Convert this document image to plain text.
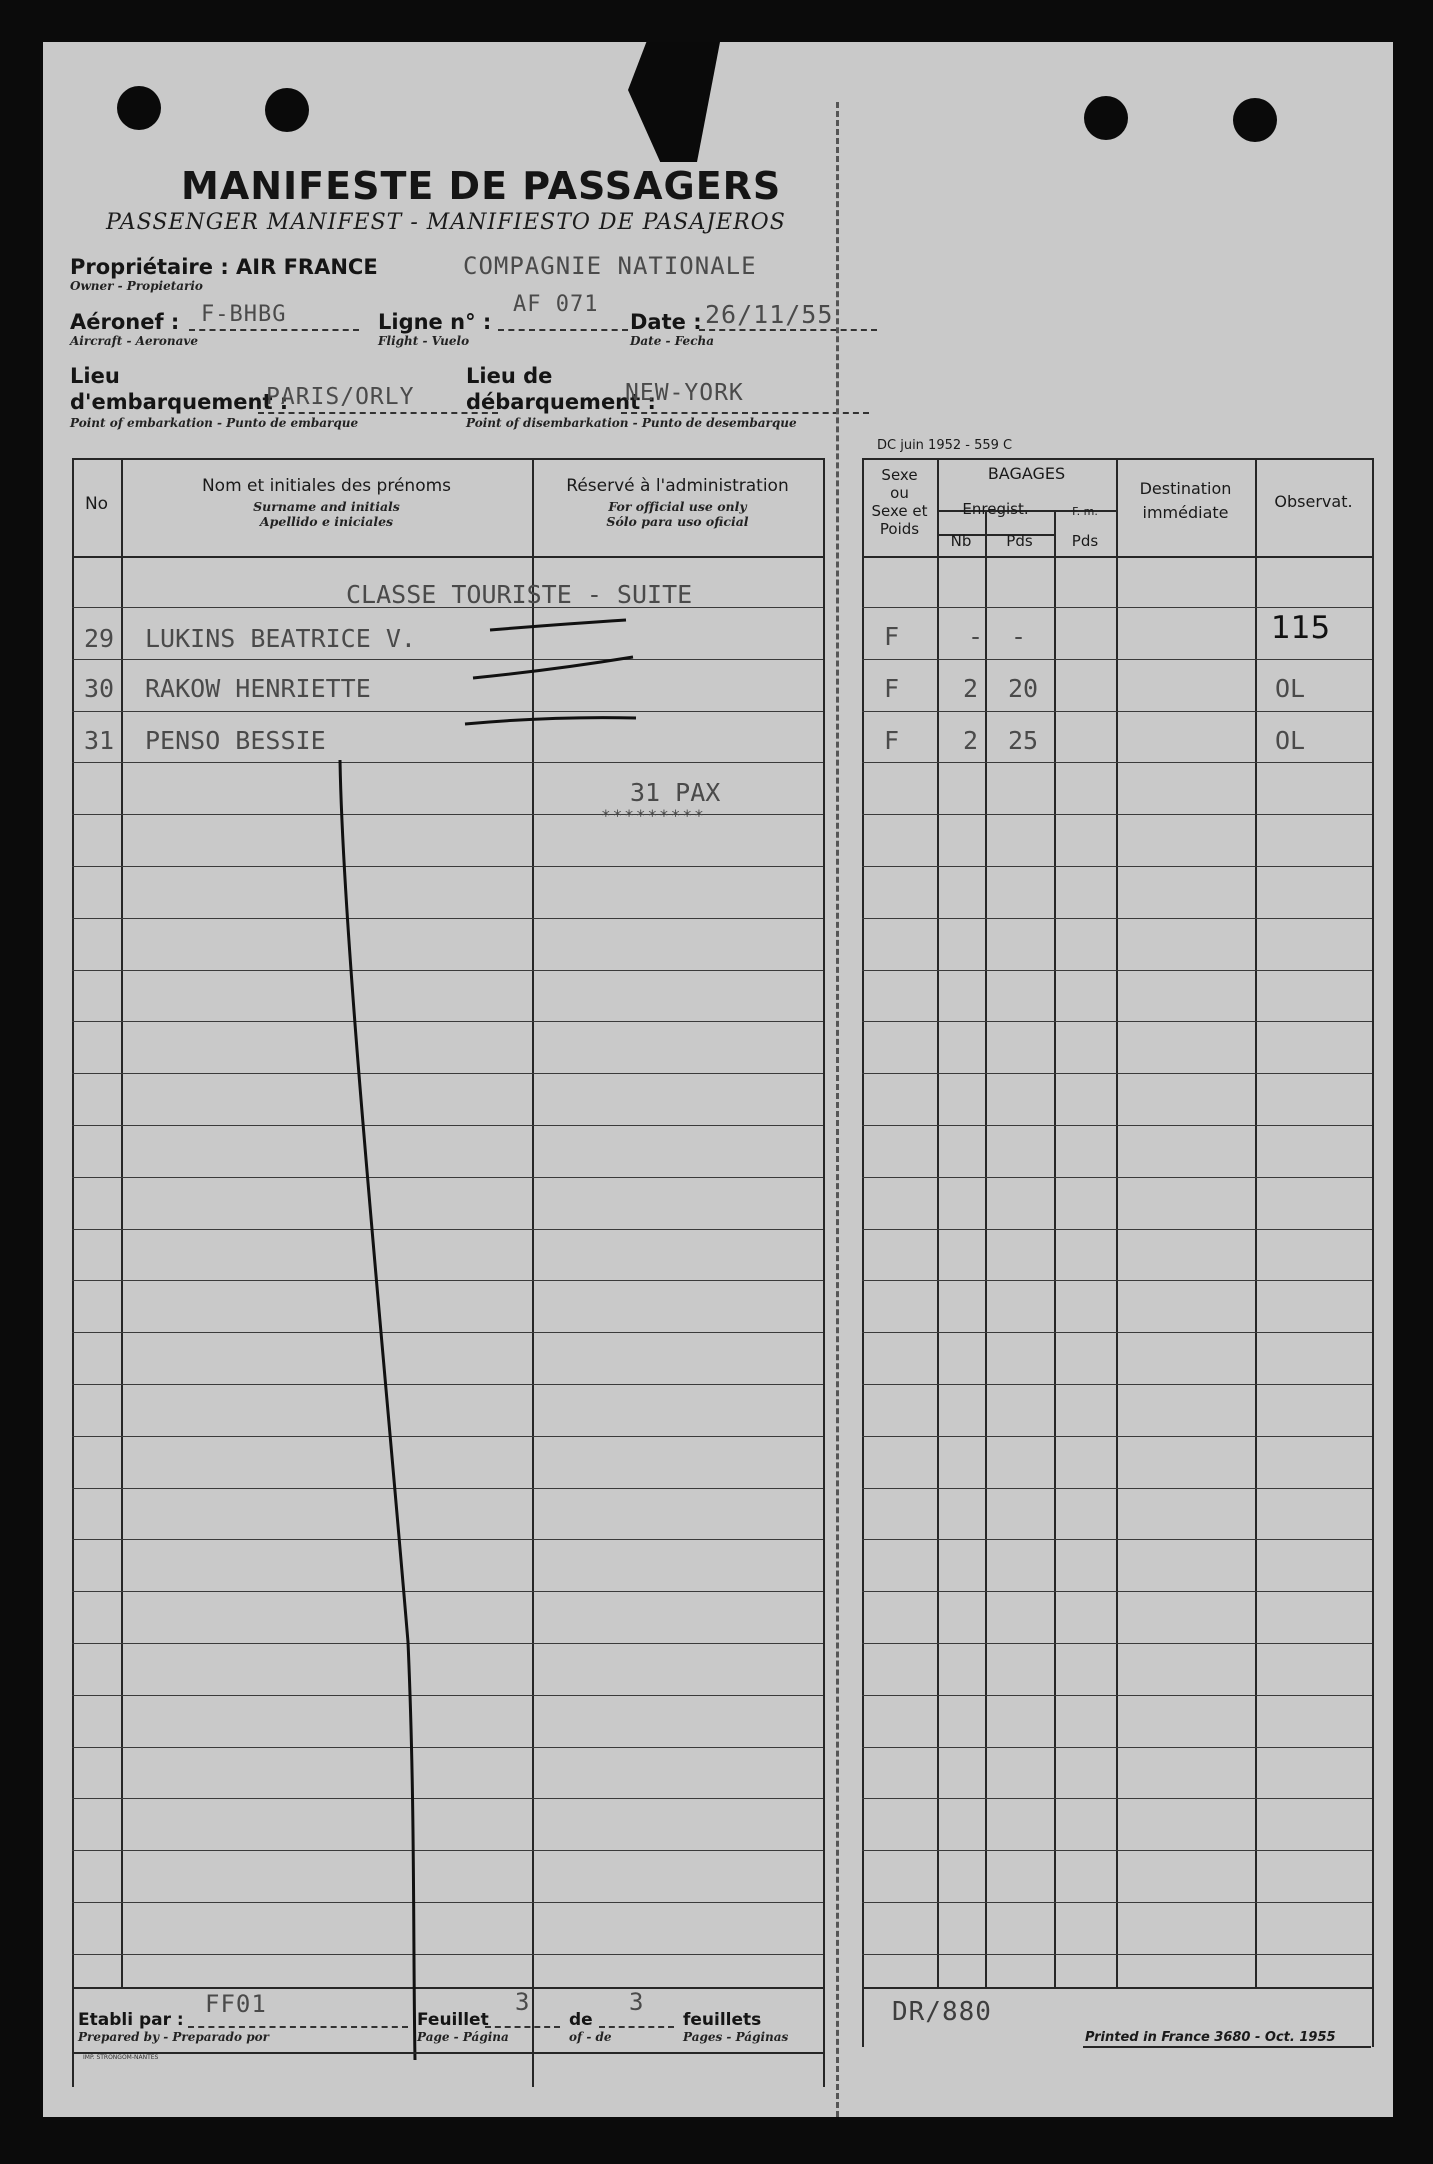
MANIFESTE DE PASSAGERS
PASSENGER MANIFEST - MANIFIESTO DE PASAJEROS
Propriétaire : AIR FRANCE
Owner - Propietario
COMPAGNIE NATIONALE
Aéronef :
Aircraft - Aeronave
F-BHBG	Ligne n° :
Flight - Vuelo
AF 071
Date :
Date - Fecha
26/11/55
Lieu
d'embarquement :
Point of embarkation - Punto de embarque
PARIS/ORLY
Lieu de
débarquement :
Point of disembarkation - Punto de desembarque
NEW-YORK
DC juin 1952 - 559 C
No
Nom et initiales des prénoms
Surname and initials
Apellido e iniciales
Réservé à l'administration
For official use only
Sólo para uso oficial
Sexe
ou
Sexe et
Poids
BAGAGES
Enregist.
Nb	Pds
F. m.
Pds
Destination
immédiate
Observat.
CLASSE TOURISTE - SUITE
29 LUKINS BEATRICE V.	F	- -	115
30 RAKOW HENRIETTE	F	2 20	OL
31 PENSO BESSIE	F	2 25	OL
31 PAX
*********
Etabli par :
Prepared by - Preparado por
FF01
Feuillet
Page - Página
3
de
of - de
3
feuillets
Pages - Páginas
IMP. STRONGOM-NANTES
DR/880
Printed in France 3680 - Oct. 1955
